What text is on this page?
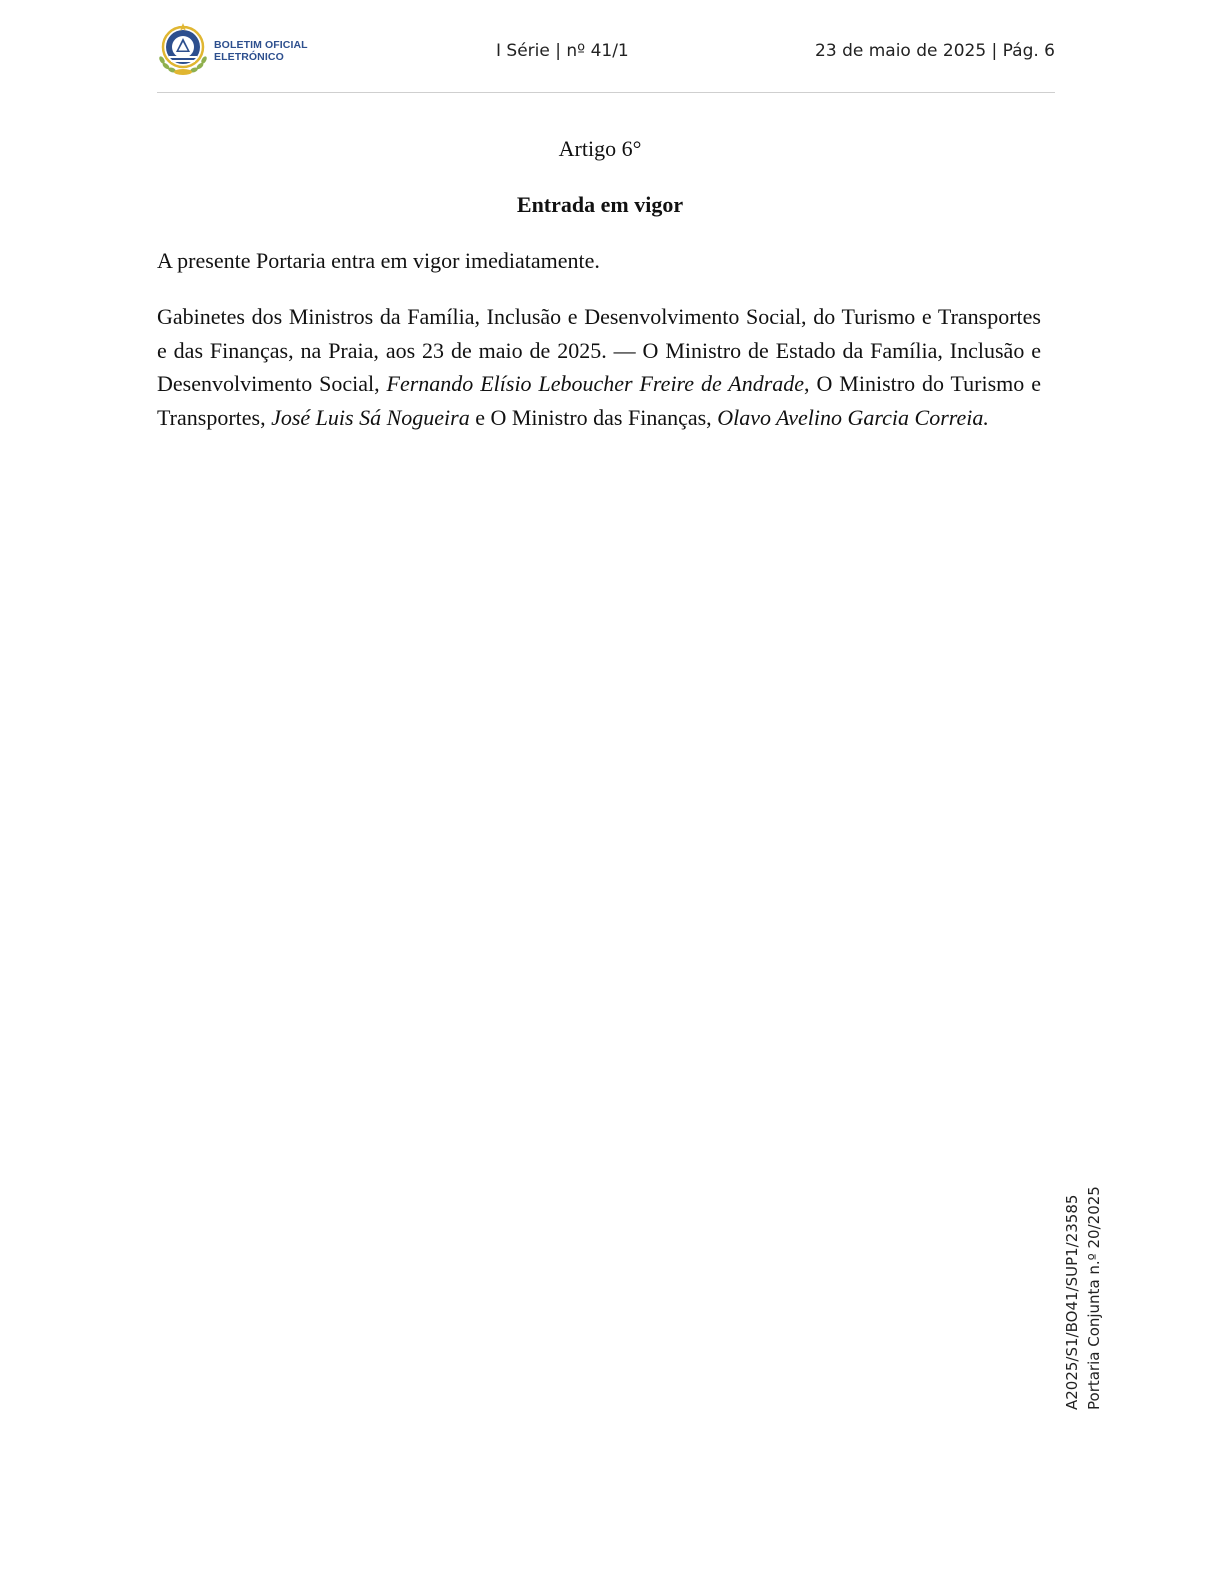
BOLETIM OFICIAL
ELETRÓNICO	I Série | nº 41/1	23 de maio de 2025 | Pág. 6
Artigo 6°
Entrada em vigor

A presente Portaria entra em vigor imediatamente.

Gabinetes dos Ministros da Família, Inclusão e Desenvolvimento Social, do Turismo e Transportes e das Finanças, na Praia, aos 23 de maio de 2025. — O Ministro de Estado da Família, Inclusão e Desenvolvimento Social, Fernando Elísio Leboucher Freire de Andrade, O Ministro do Turismo e Transportes, José Luis Sá Nogueira e O Ministro das Finanças, Olavo Avelino Garcia Correia.

A2025/S1/BO41/SUP1/23585 Portaria Conjunta n.º 20/2025
